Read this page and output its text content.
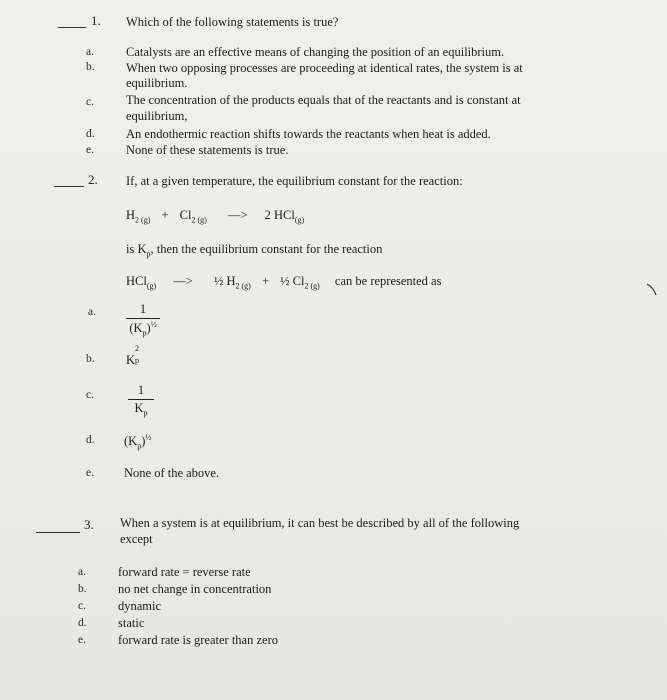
1. Which of the following statements is true?
a.	Catalysts are an effective means of changing the position of an equilibrium.
b.	When two opposing processes are proceeding at identical rates, the system is at
equilibrium.
c.	The concentration of the products equals that of the reactants and is constant at
equilibrium,
d.	An endothermic reaction shifts towards the reactants when heat is added.
e.	None of these statements is true.
2. If, at a given temperature, the equilibrium constant for the reaction:
$H_{2 (g)} + Cl_{2 (g)}$ —> 2 HCl$_{(g)}$
is $K_p$, then the equilibrium constant for the reaction
HCl$_{(g)}$ —> ½ $H_{2 (g)}$ + ½ $Cl_{2 (g)}$ can be represented as
a.	1
$(K_p)^{\frac{1}{2}}$
b.	K
2
p
c.	1
$K_p$
d. $(K_p)^{\frac{1}{2}}$
e. None of the above.
3. When a system is at equilibrium, it can best be described by all of the following
except
a.	forward rate = reverse rate
b.	no net change in concentration
c.	dynamic
d.	static
e.	forward rate is greater than zero
